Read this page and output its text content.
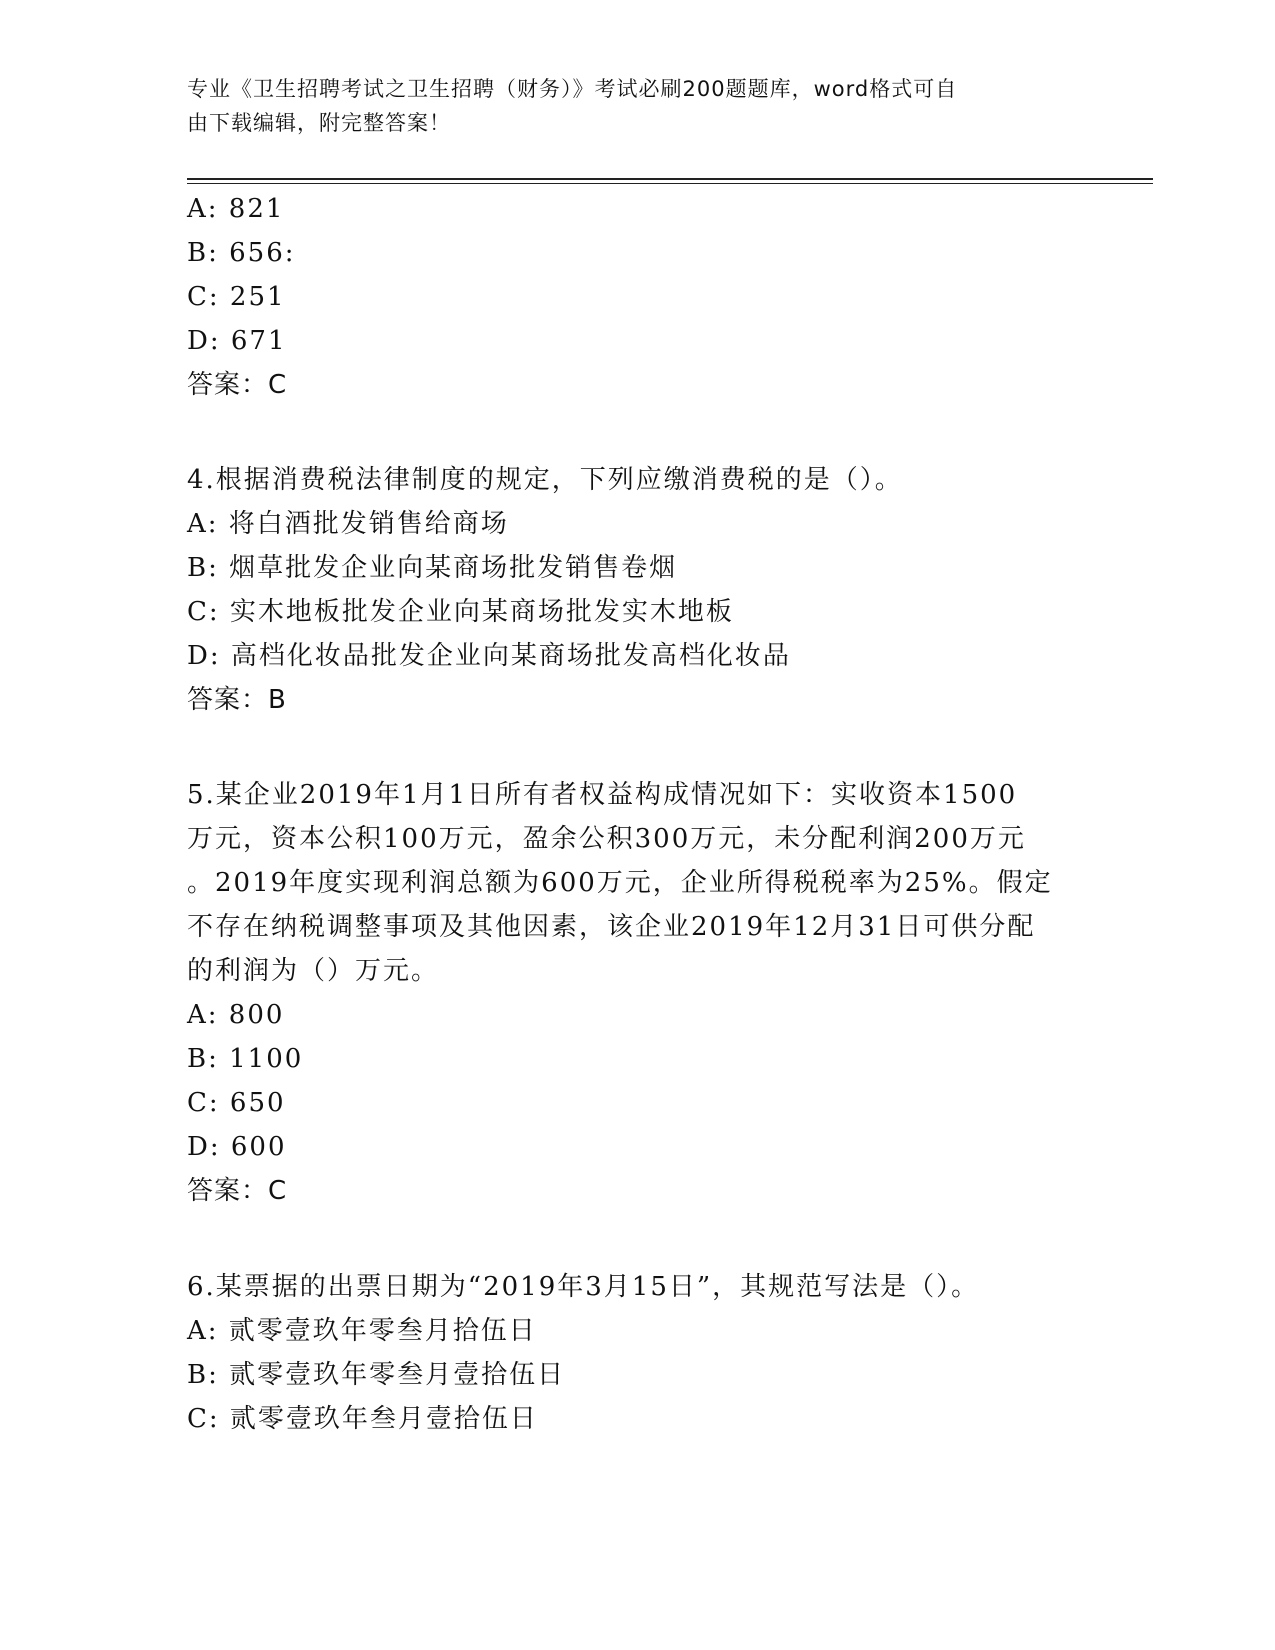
专业《卫生招聘考试之卫生招聘（财务）》考试必刷200题题库，word格式可自
由下载编辑，附完整答案！
A: 821
B: 656:
C: 251
D: 671
答案：C
4.根据消费税法律制度的规定，下列应缴消费税的是（）。
A: 将白酒批发销售给商场
B: 烟草批发企业向某商场批发销售卷烟
C: 实木地板批发企业向某商场批发实木地板
D: 高档化妆品批发企业向某商场批发高档化妆品
答案：B
5.某企业2019年1月1日所有者权益构成情况如下：实收资本1500
万元，资本公积100万元，盈余公积300万元，未分配利润200万元
。2019年度实现利润总额为600万元，企业所得税税率为25%。假定
不存在纳税调整事项及其他因素，该企业2019年12月31日可供分配
的利润为（）万元。
A: 800
B: 1100
C: 650
D: 600
答案：C
6.某票据的出票日期为“2019年3月15日”，其规范写法是（）。
A: 贰零壹玖年零叁月拾伍日
B: 贰零壹玖年零叁月壹拾伍日
C: 贰零壹玖年叁月壹拾伍日
